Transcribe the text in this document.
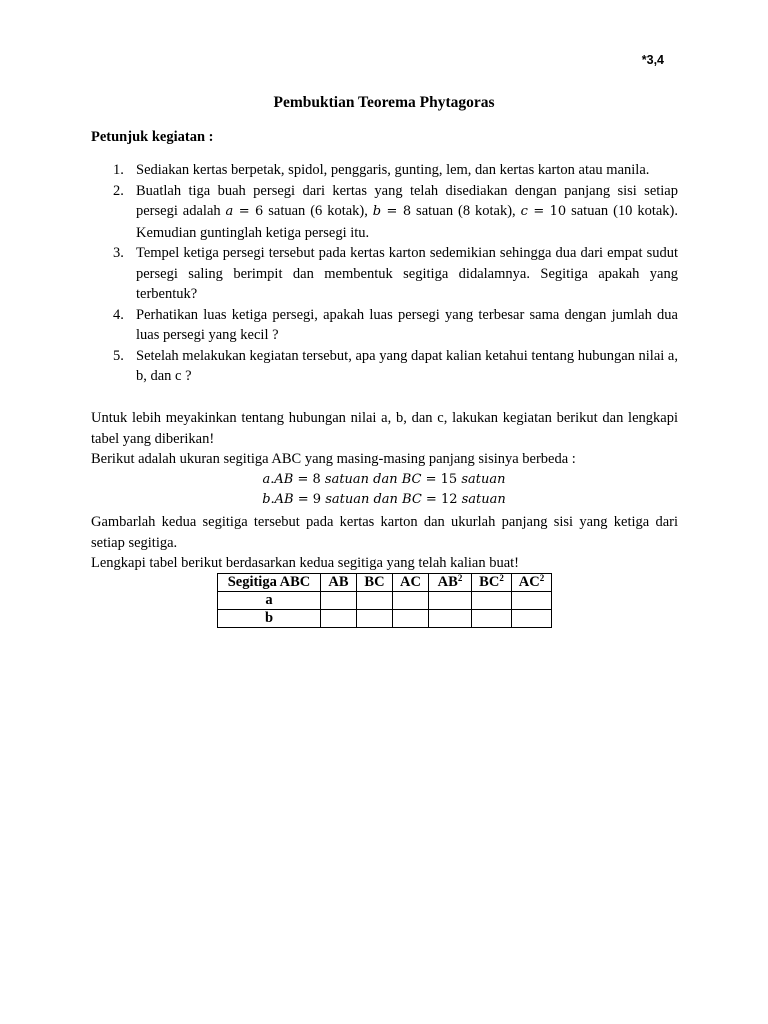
*3,4
Pembuktian Teorema Phytagoras
Petunjuk kegiatan :
1. Sediakan kertas berpetak, spidol, penggaris, gunting, lem, dan kertas karton atau manila.
2. Buatlah tiga buah persegi dari kertas yang telah disediakan dengan panjang sisi setiap persegi adalah a = 6 satuan (6 kotak), b = 8 satuan (8 kotak), c = 10 satuan (10 kotak). Kemudian guntinglah ketiga persegi itu.
3. Tempel ketiga persegi tersebut pada kertas karton sedemikian sehingga dua dari empat sudut persegi saling berimpit dan membentuk segitiga didalamnya. Segitiga apakah yang terbentuk?
4. Perhatikan luas ketiga persegi, apakah luas persegi yang terbesar sama dengan jumlah dua luas persegi yang kecil ?
5. Setelah melakukan kegiatan tersebut, apa yang dapat kalian ketahui tentang hubungan nilai a, b, dan c ?

Untuk lebih meyakinkan tentang hubungan nilai a, b, dan c, lakukan kegiatan berikut dan lengkapi tabel yang diberikan!

Berikut adalah ukuran segitiga ABC yang masing-masing panjang sisinya berbeda :

a.AB = 8 satuan dan BC = 15 satuan
b.AB = 9 satuan dan BC = 12 satuan

Gambarlah kedua segitiga tersebut pada kertas karton dan ukurlah panjang sisi yang ketiga dari setiap segitiga.

Lengkapi tabel berikut berdasarkan kedua segitiga yang telah kalian buat!

Segitiga ABC	AB	BC	AC	$AB^2$	$BC^2$	$AC^2$
a						
b						
